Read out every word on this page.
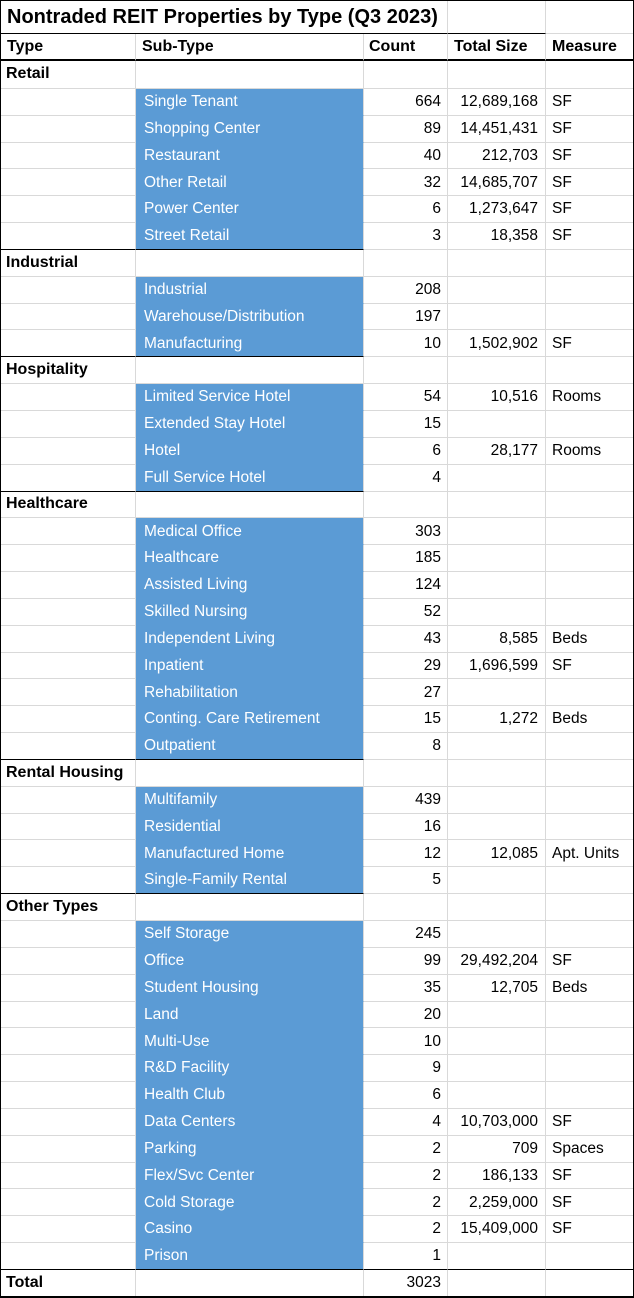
Nontraded REIT Properties by Type (Q3 2023)
Type	Sub-Type	Count	Total Size	Measure
Retail
Single Tenant	664	12,689,168 SF
Shopping Center	89	14,451,431 SF
Restaurant	40	212,703 SF
Other Retail	32	14,685,707 SF
Power Center	6	1,273,647 SF
Street Retail	3	18,358 SF
Industrial
Industrial	208
Warehouse/Distribution	197
Manufacturing	10	1,502,902 SF
Hospitality
Limited Service Hotel	54	10,516 Rooms
Extended Stay Hotel	15
Hotel	6	28,177 Rooms
Full Service Hotel	4
Healthcare
Medical Office	303
Healthcare	185
Assisted Living	124
Skilled Nursing	52
Independent Living	43	8,585 Beds
Inpatient	29	1,696,599 SF
Rehabilitation	27
Conting. Care Retirement	15	1,272 Beds
Outpatient	8
Rental Housing
Multifamily	439
Residential	16
Manufactured Home	12	12,085 Apt. Units
Single-Family Rental	5
Other Types
Self Storage	245
Office	99	29,492,204 SF
Student Housing	35	12,705 Beds
Land	20
Multi-Use	10
R&D Facility	9
Health Club	6
Data Centers	4	10,703,000 SF
Parking	2	709 Spaces
Flex/Svc Center	2	186,133 SF
Cold Storage	2	2,259,000 SF
Casino	2	15,409,000 SF
Prison	1
Total	3023
